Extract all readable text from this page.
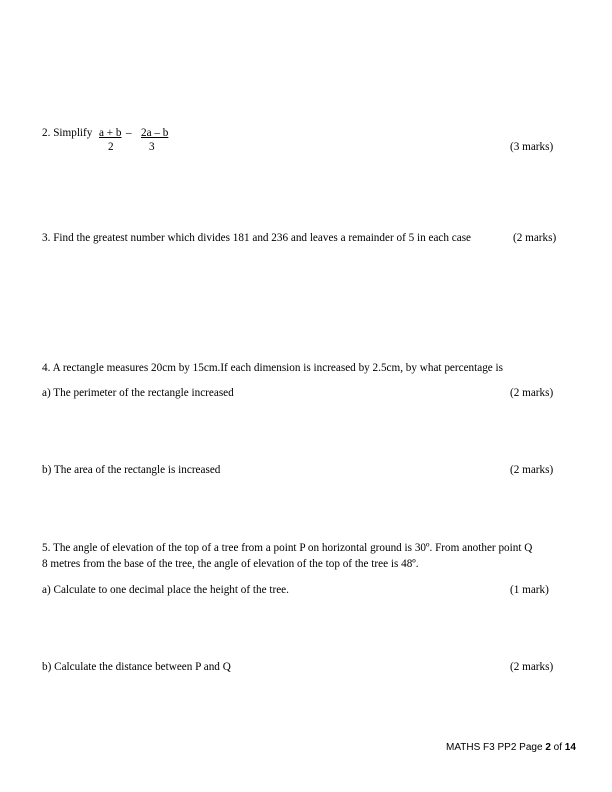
2. Simplify a + b
2
– 2a – b
3	(3 marks)
3. Find the greatest number which divides 181 and 236 and leaves a remainder of 5 in each case	(2 marks)
4. A rectangle measures 20cm by 15cm.If each dimension is increased by 2.5cm, by what percentage is
a) The perimeter of the rectangle increased	(2 marks)
b) The area of the rectangle is increased	(2 marks)
5. The angle of elevation of the top of a tree from a point P on horizontal ground is 30º. From another point Q
8 metres from the base of the tree, the angle of elevation of the top of the tree is 48º.
a) Calculate to one decimal place the height of the tree.	(1 mark)
b) Calculate the distance between P and Q	(2 marks)
MATHS F3 PP2 Page 2 of 14
